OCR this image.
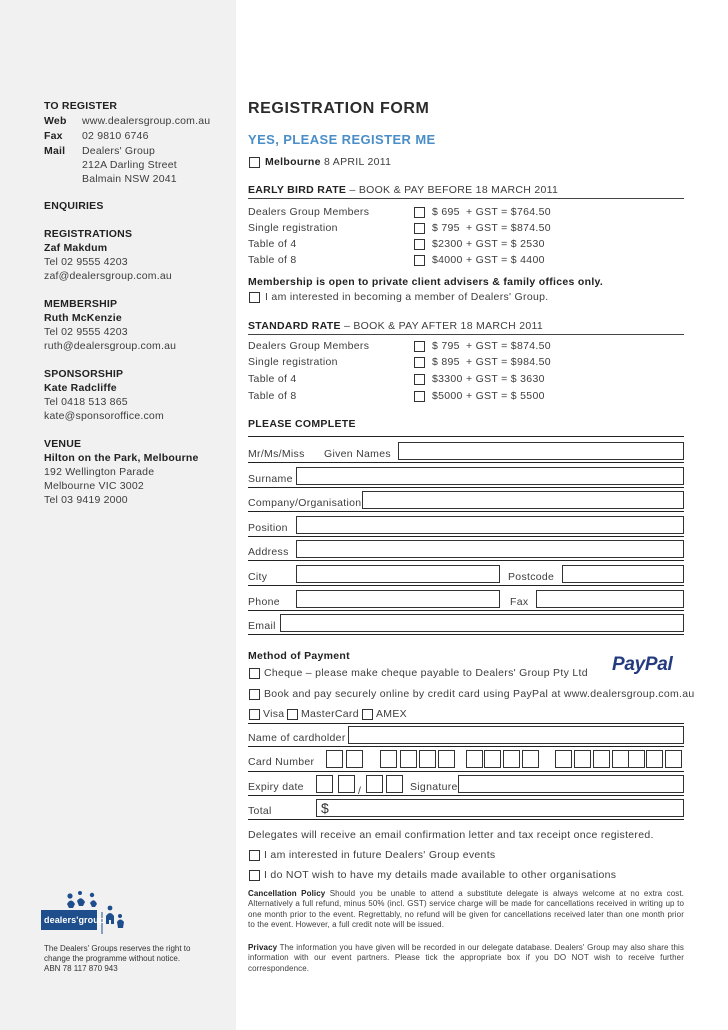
TO REGISTER
Web www.dealersgroup.com.au
Fax 02 9810 6746
Mail Dealers' Group
212A Darling Street
Balmain NSW 2041
ENQUIRIES
REGISTRATIONS
Zaf Makdum
Tel 02 9555 4203
zaf@dealersgroup.com.au
MEMBERSHIP
Ruth McKenzie
Tel 02 9555 4203
ruth@dealersgroup.com.au
SPONSORSHIP
Kate Radcliffe
Tel 0418 513 865
kate@sponsoroffice.com
VENUE
Hilton on the Park, Melbourne
192 Wellington Parade
Melbourne VIC 3002
Tel 03 9419 2000
dealers'group
The Dealers' Groups reserves the right to
change the programme without notice.
ABN 78 117 870 943
REGISTRATION FORM
YES, PLEASE REGISTER ME
Melbourne 8 APRIL 2011
EARLY BIRD RATE – BOOK & PAY BEFORE 18 MARCH 2011
Dealers Group Members	$ 695 + GST = $764.50
Single registration	$ 795 + GST = $874.50
Table of 4	$2300 + GST = $ 2530
Table of 8	$4000 + GST = $ 4400
Membership is open to private client advisers & family offices only.
I am interested in becoming a member of Dealers' Group.
STANDARD RATE – BOOK & PAY AFTER 18 MARCH 2011
Dealers Group Members	$ 795 + GST = $874.50
Single registration	$ 895 + GST = $984.50
Table of 4	$3300 + GST = $ 3630
Table of 8	$5000 + GST = $ 5500
PLEASE COMPLETE
Mr/Ms/Miss Given Names
Surname
Company/Organisation
Position
Address
City	Postcode
Phone	Fax
Email
Method of Payment	PayPal
Cheque – please make cheque payable to Dealers' Group Pty Ltd
Book and pay securely online by credit card using PayPal at www.dealersgroup.com.au
Visa MasterCard AMEX
Name of cardholder
Card Number
Expiry date	/	Signature
Total	$
Delegates will receive an email confirmation letter and tax receipt once registered.
I am interested in future Dealers' Group events
I do NOT wish to have my details made available to other organisations
Cancellation Policy Should you be unable to attend a substitute delegate is always welcome at no extra cost. Alternatively a full refund, minus 50% (incl. GST) service charge will be made for cancellations received in writing up to one month prior to the event. Regrettably, no refund will be given for cancellations received later than one month prior to the event. However, a full credit note will be issued.
Privacy The information you have given will be recorded in our delegate database. Dealers' Group may also share this information with our event partners. Please tick the appropriate box if you DO NOT wish to receive further correspondence.
